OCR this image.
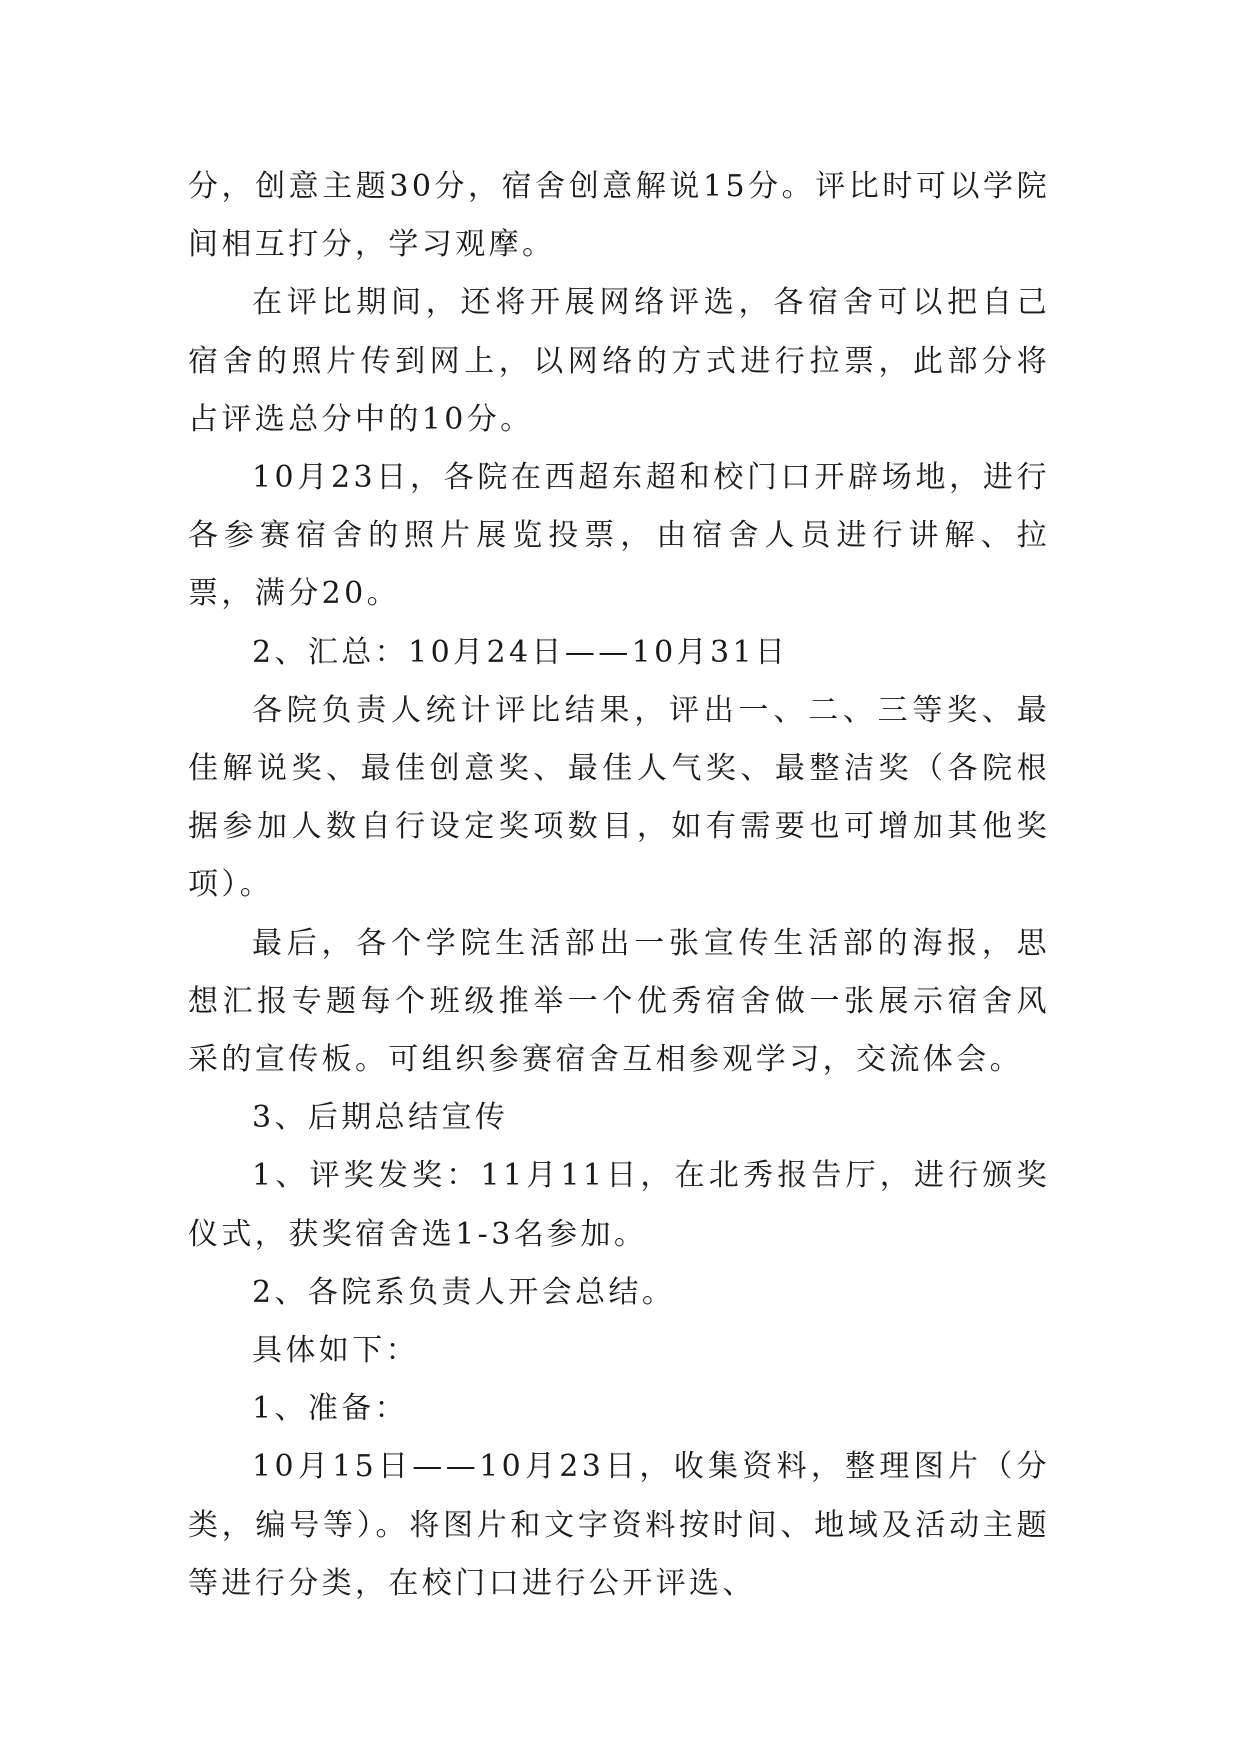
分，创意主题30分，宿舍创意解说15分。评比时可以学院间相互打分，学习观摩。

在评比期间，还将开展网络评选，各宿舍可以把自己宿舍的照片传到网上，以网络的方式进行拉票，此部分将占评选总分中的10分。

10月23日，各院在西超东超和校门口开辟场地，进行各参赛宿舍的照片展览投票，由宿舍人员进行讲解、拉票，满分20。

2、汇总：10月24日——10月31日

各院负责人统计评比结果，评出一、二、三等奖、最佳解说奖、最佳创意奖、最佳人气奖、最整洁奖（各院根据参加人数自行设定奖项数目，如有需要也可增加其他奖项）。

最后，各个学院生活部出一张宣传生活部的海报，思想汇报专题每个班级推举一个优秀宿舍做一张展示宿舍风采的宣传板。可组织参赛宿舍互相参观学习，交流体会。

3、后期总结宣传

1、评奖发奖：11月11日，在北秀报告厅，进行颁奖仪式，获奖宿舍选1-3名参加。

2、各院系负责人开会总结。

具体如下：

1、准备：

10月15日——10月23日，收集资料，整理图片（分类，编号等）。将图片和文字资料按时间、地域及活动主题等进行分类，在校门口进行公开评选、
